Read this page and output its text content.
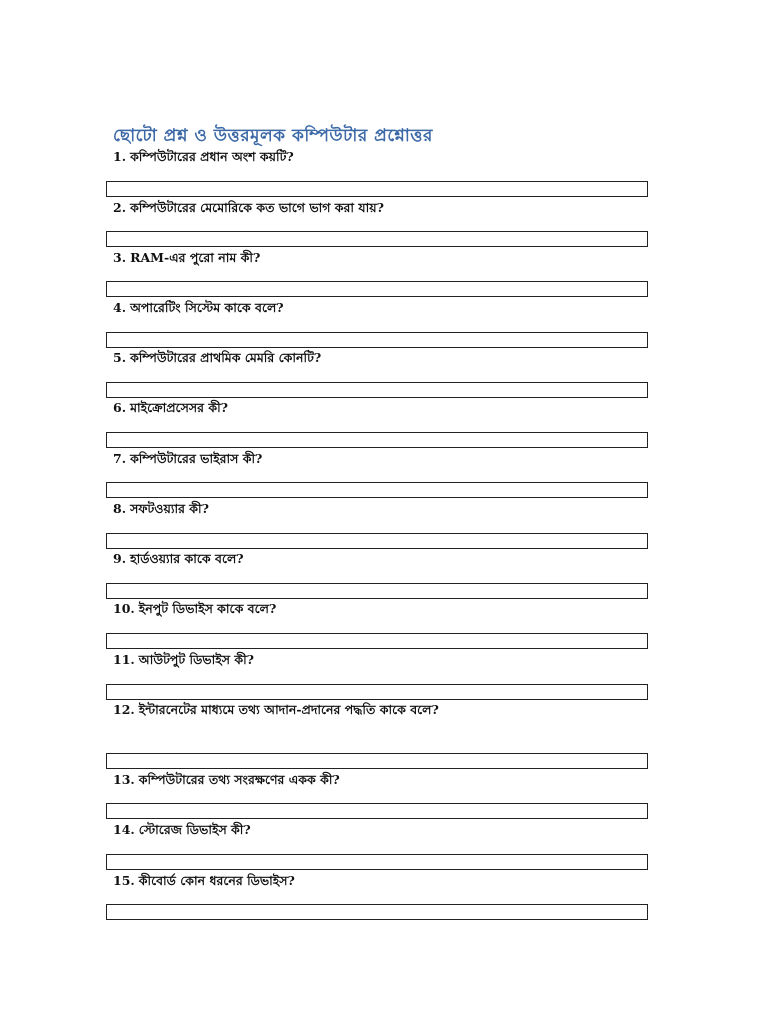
ছোটো প্রশ্ন ও উত্তরমূলক কম্পিউটার প্রশ্নোত্তর
1. কম্পিউটারের প্রধান অংশ কয়টি?
2. কম্পিউটারের মেমোরিকে কত ভাগে ভাগ করা যায়?
3. RAM-এর পুরো নাম কী?
4. অপারেটিং সিস্টেম কাকে বলে?
5. কম্পিউটারের প্রাথমিক মেমরি কোনটি?
6. মাইক্রোপ্রসেসর কী?
7. কম্পিউটারের ভাইরাস কী?
8. সফটওয়্যার কী?
9. হার্ডওয়্যার কাকে বলে?
10. ইনপুট ডিভাইস কাকে বলে?
11. আউটপুট ডিভাইস কী?
12. ইন্টারনেটের মাধ্যমে তথ্য আদান-প্রদানের পদ্ধতি কাকে বলে?
13. কম্পিউটারের তথ্য সংরক্ষণের একক কী?
14. স্টোরেজ ডিভাইস কী?
15. কীবোর্ড কোন ধরনের ডিভাইস?
